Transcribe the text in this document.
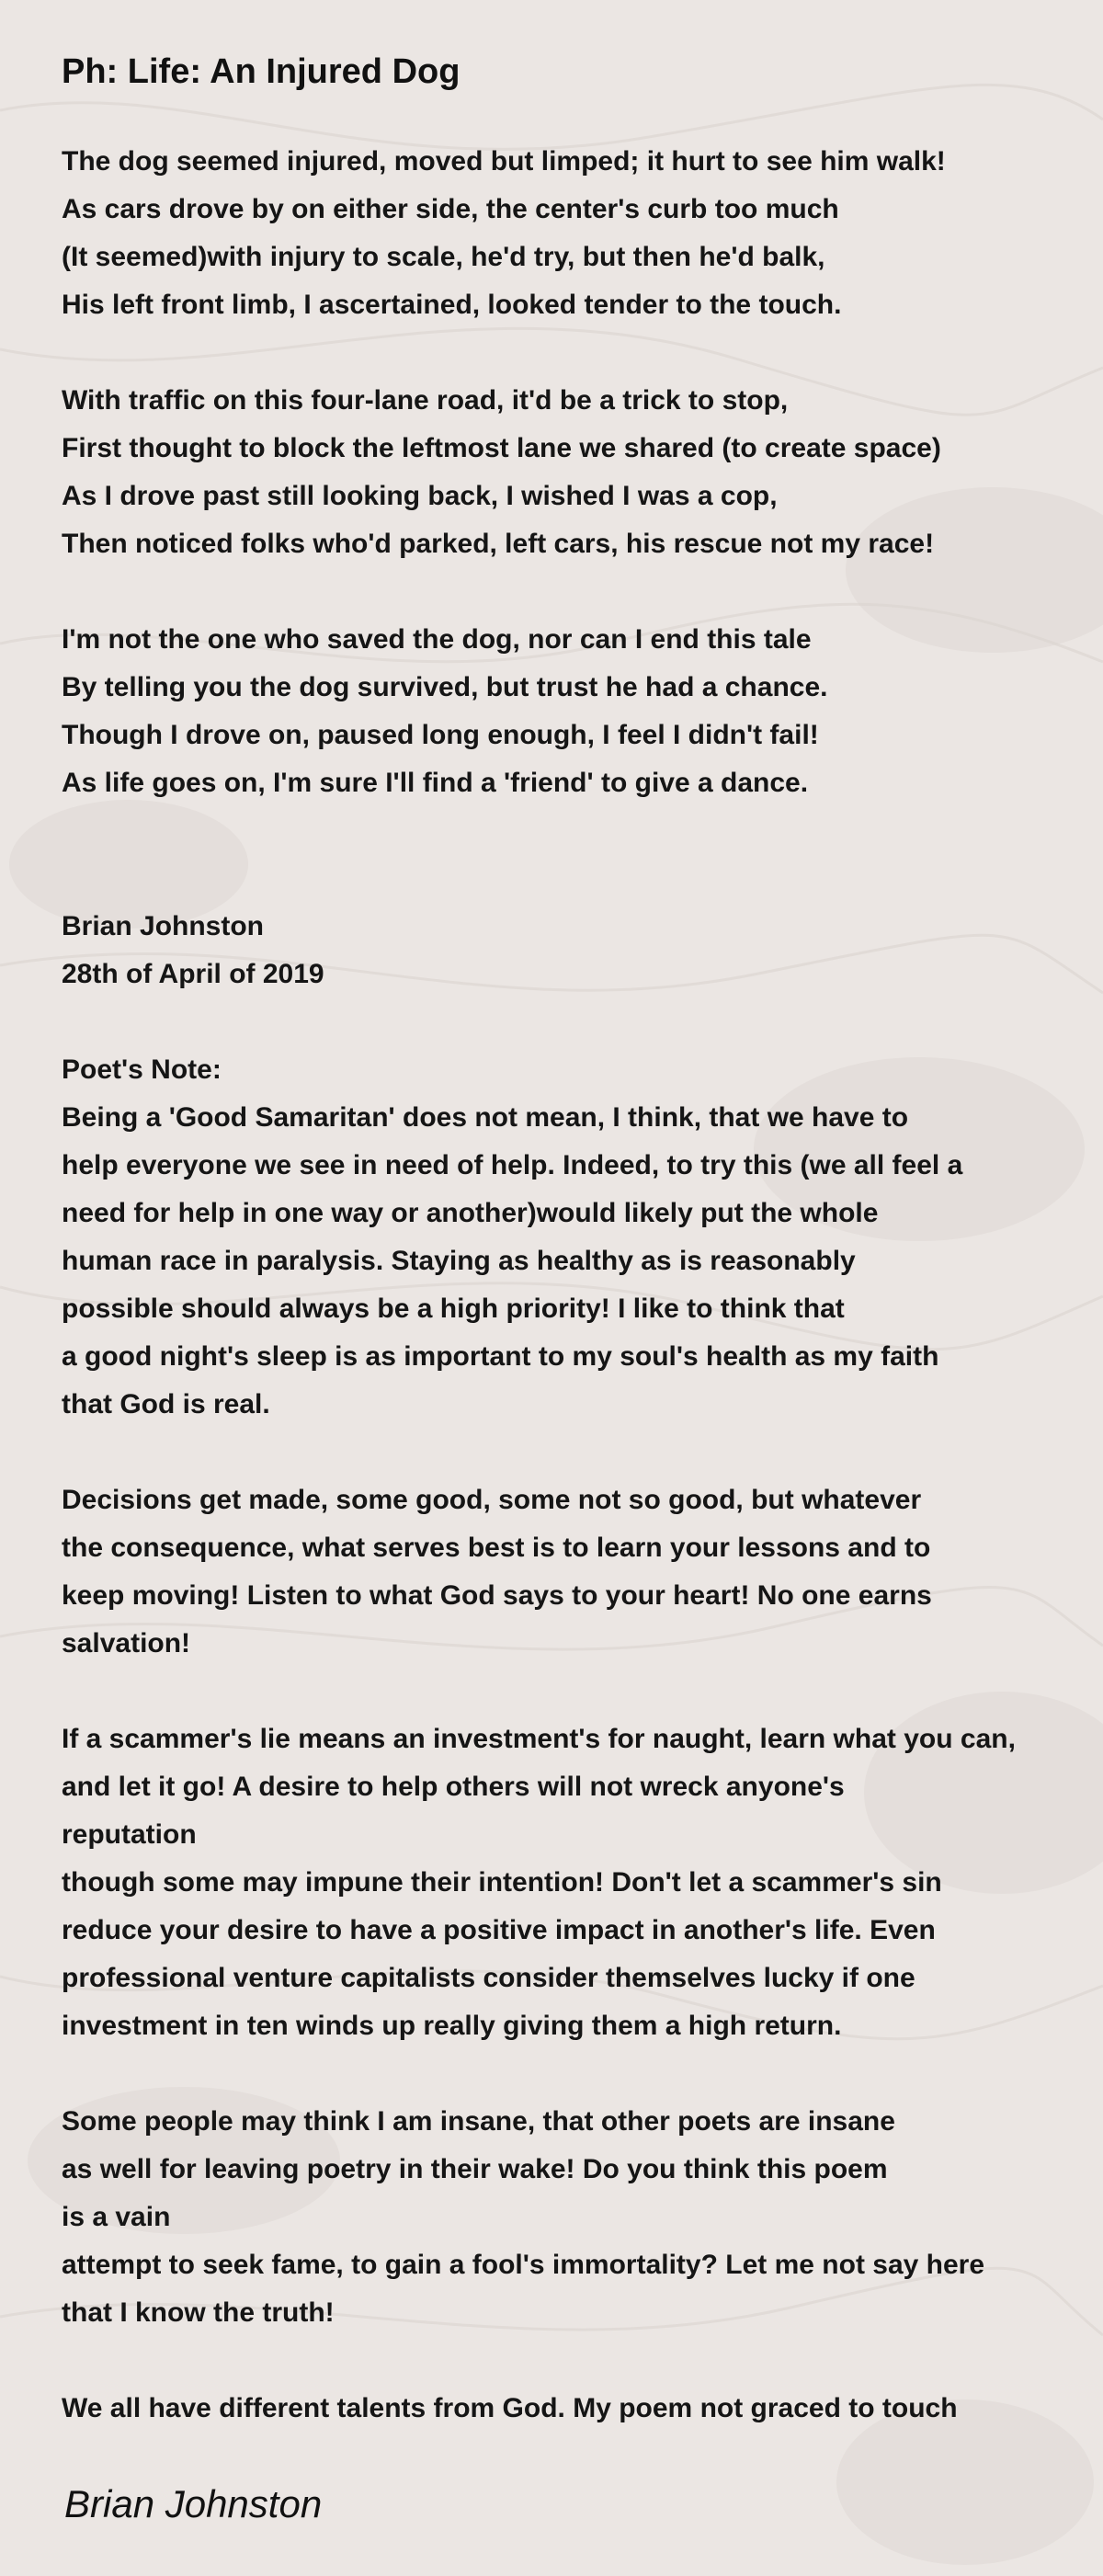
Ph: Life: An Injured Dog
The dog seemed injured, moved but limped; it hurt to see him walk!
As cars drove by on either side, the center's curb too much
(It seemed)with injury to scale, he'd try, but then he'd balk,
His left front limb, I ascertained, looked tender to the touch.
With traffic on this four-lane road, it'd be a trick to stop,
First thought to block the leftmost lane we shared (to create space)
As I drove past still looking back, I wished I was a cop,
Then noticed folks who'd parked, left cars, his rescue not my race!
I'm not the one who saved the dog, nor can I end this tale
By telling you the dog survived, but trust he had a chance.
Though I drove on, paused long enough, I feel I didn't fail!
As life goes on, I'm sure I'll find a 'friend' to give a dance.
Brian Johnston
28th of April of 2019
Poet's Note:
Being a 'Good Samaritan' does not mean, I think, that we have to
help everyone we see in need of help. Indeed, to try this (we all feel a
need for help in one way or another)would likely put the whole
human race in paralysis. Staying as healthy as is reasonably
possible should always be a high priority! I like to think that
a good night's sleep is as important to my soul's health as my faith
that God is real.
Decisions get made, some good, some not so good, but whatever
the consequence, what serves best is to learn your lessons and to
keep moving! Listen to what God says to your heart! No one earns
salvation!
If a scammer's lie means an investment's for naught, learn what you can,
and let it go! A desire to help others will not wreck anyone's
reputation
though some may impune their intention! Don't let a scammer's sin
reduce your desire to have a positive impact in another's life. Even
professional venture capitalists consider themselves lucky if one
investment in ten winds up really giving them a high return.
Some people may think I am insane, that other poets are insane
as well for leaving poetry in their wake! Do you think this poem
is a vain
attempt to seek fame, to gain a fool's immortality? Let me not say here
that I know the truth!
We all have different talents from God. My poem not graced to touch
Brian Johnston
